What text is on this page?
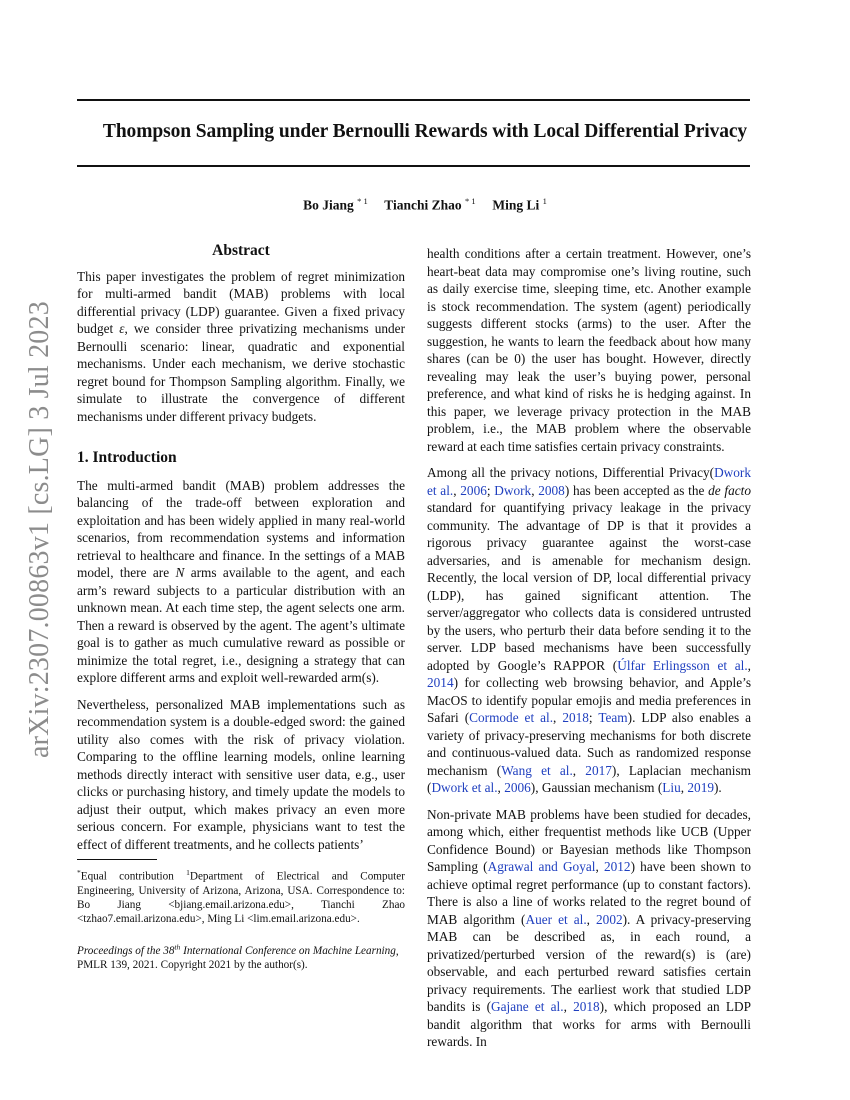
Thompson Sampling under Bernoulli Rewards with Local Differential Privacy
Bo Jiang $^{* 1}$ Tianchi Zhao $^{* 1}$ Ming Li $^1$
arXiv:2307.00863v1 [cs.LG] 3 Jul 2023
Abstract

This paper investigates the problem of regret minimization for multi-armed bandit (MAB) problems with local differential privacy (LDP) guarantee. Given a fixed privacy budget ε, we consider three privatizing mechanisms under Bernoulli scenario: linear, quadratic and exponential mechanisms. Under each mechanism, we derive stochastic regret bound for Thompson Sampling algorithm. Finally, we simulate to illustrate the convergence of different mechanisms under different privacy budgets.

1. Introduction

The multi-armed bandit (MAB) problem addresses the balancing of the trade-off between exploration and exploitation and has been widely applied in many real-world scenarios, from recommendation systems and information retrieval to healthcare and finance. In the settings of a MAB model, there are N arms available to the agent, and each arm’s reward subjects to a particular distribution with an unknown mean. At each time step, the agent selects one arm. Then a reward is observed by the agent. The agent’s ultimate goal is to gather as much cumulative reward as possible or minimize the total regret, i.e., designing a strategy that can explore different arms and exploit well-rewarded arm(s).

Nevertheless, personalized MAB implementations such as recommendation system is a double-edged sword: the gained utility also comes with the risk of privacy violation. Comparing to the offline learning models, online learning methods directly interact with sensitive user data, e.g., user clicks or purchasing history, and timely update the models to adjust their output, which makes privacy an even more serious concern. For example, physicians want to test the effect of different treatments, and he collects patients’

*Equal contribution $^1$Department of Electrical and Computer Engineering, University of Arizona, Arizona, USA. Correspondence to: Bo Jiang <bjiang.email.arizona.edu>, Tianchi Zhao <tzhao7.email.arizona.edu>, Ming Li <lim.email.arizona.edu>.
Proceedings of the 38th International Conference on Machine Learning, PMLR 139, 2021. Copyright 2021 by the author(s).

health conditions after a certain treatment. However, one’s heart-beat data may compromise one’s living routine, such as daily exercise time, sleeping time, etc. Another example is stock recommendation. The system (agent) periodically suggests different stocks (arms) to the user. After the suggestion, he wants to learn the feedback about how many shares (can be 0) the user has bought. However, directly revealing may leak the user’s buying power, personal preference, and what kind of risks he is hedging against. In this paper, we leverage privacy protection in the MAB problem, i.e., the MAB problem where the observable reward at each time satisfies certain privacy constraints.

Among all the privacy notions, Differential Privacy(Dwork et al., 2006; Dwork, 2008) has been accepted as the de facto standard for quantifying privacy leakage in the privacy community. The advantage of DP is that it provides a rigorous privacy guarantee against the worst-case adversaries, and is amenable for mechanism design. Recently, the local version of DP, local differential privacy (LDP), has gained significant attention. The server/aggregator who collects data is considered untrusted by the users, who perturb their data before sending it to the server. LDP based mechanisms have been successfully adopted by Google’s RAPPOR (Úlfar Erlingsson et al., 2014) for collecting web browsing behavior, and Apple’s MacOS to identify popular emojis and media preferences in Safari (Cormode et al., 2018; Team). LDP also enables a variety of privacy-preserving mechanisms for both discrete and continuous-valued data. Such as randomized response mechanism (Wang et al., 2017), Laplacian mechanism (Dwork et al., 2006), Gaussian mechanism (Liu, 2019).

Non-private MAB problems have been studied for decades, among which, either frequentist methods like UCB (Upper Confidence Bound) or Bayesian methods like Thompson Sampling (Agrawal and Goyal, 2012) have been shown to achieve optimal regret performance (up to constant factors). There is also a line of works related to the regret bound of MAB algorithm (Auer et al., 2002). A privacy-preserving MAB can be described as, in each round, a privatized/perturbed version of the reward(s) is (are) observable, and each perturbed reward satisfies certain privacy requirements. The earliest work that studied LDP bandits is (Gajane et al., 2018), which proposed an LDP bandit algorithm that works for arms with Bernoulli rewards. In
